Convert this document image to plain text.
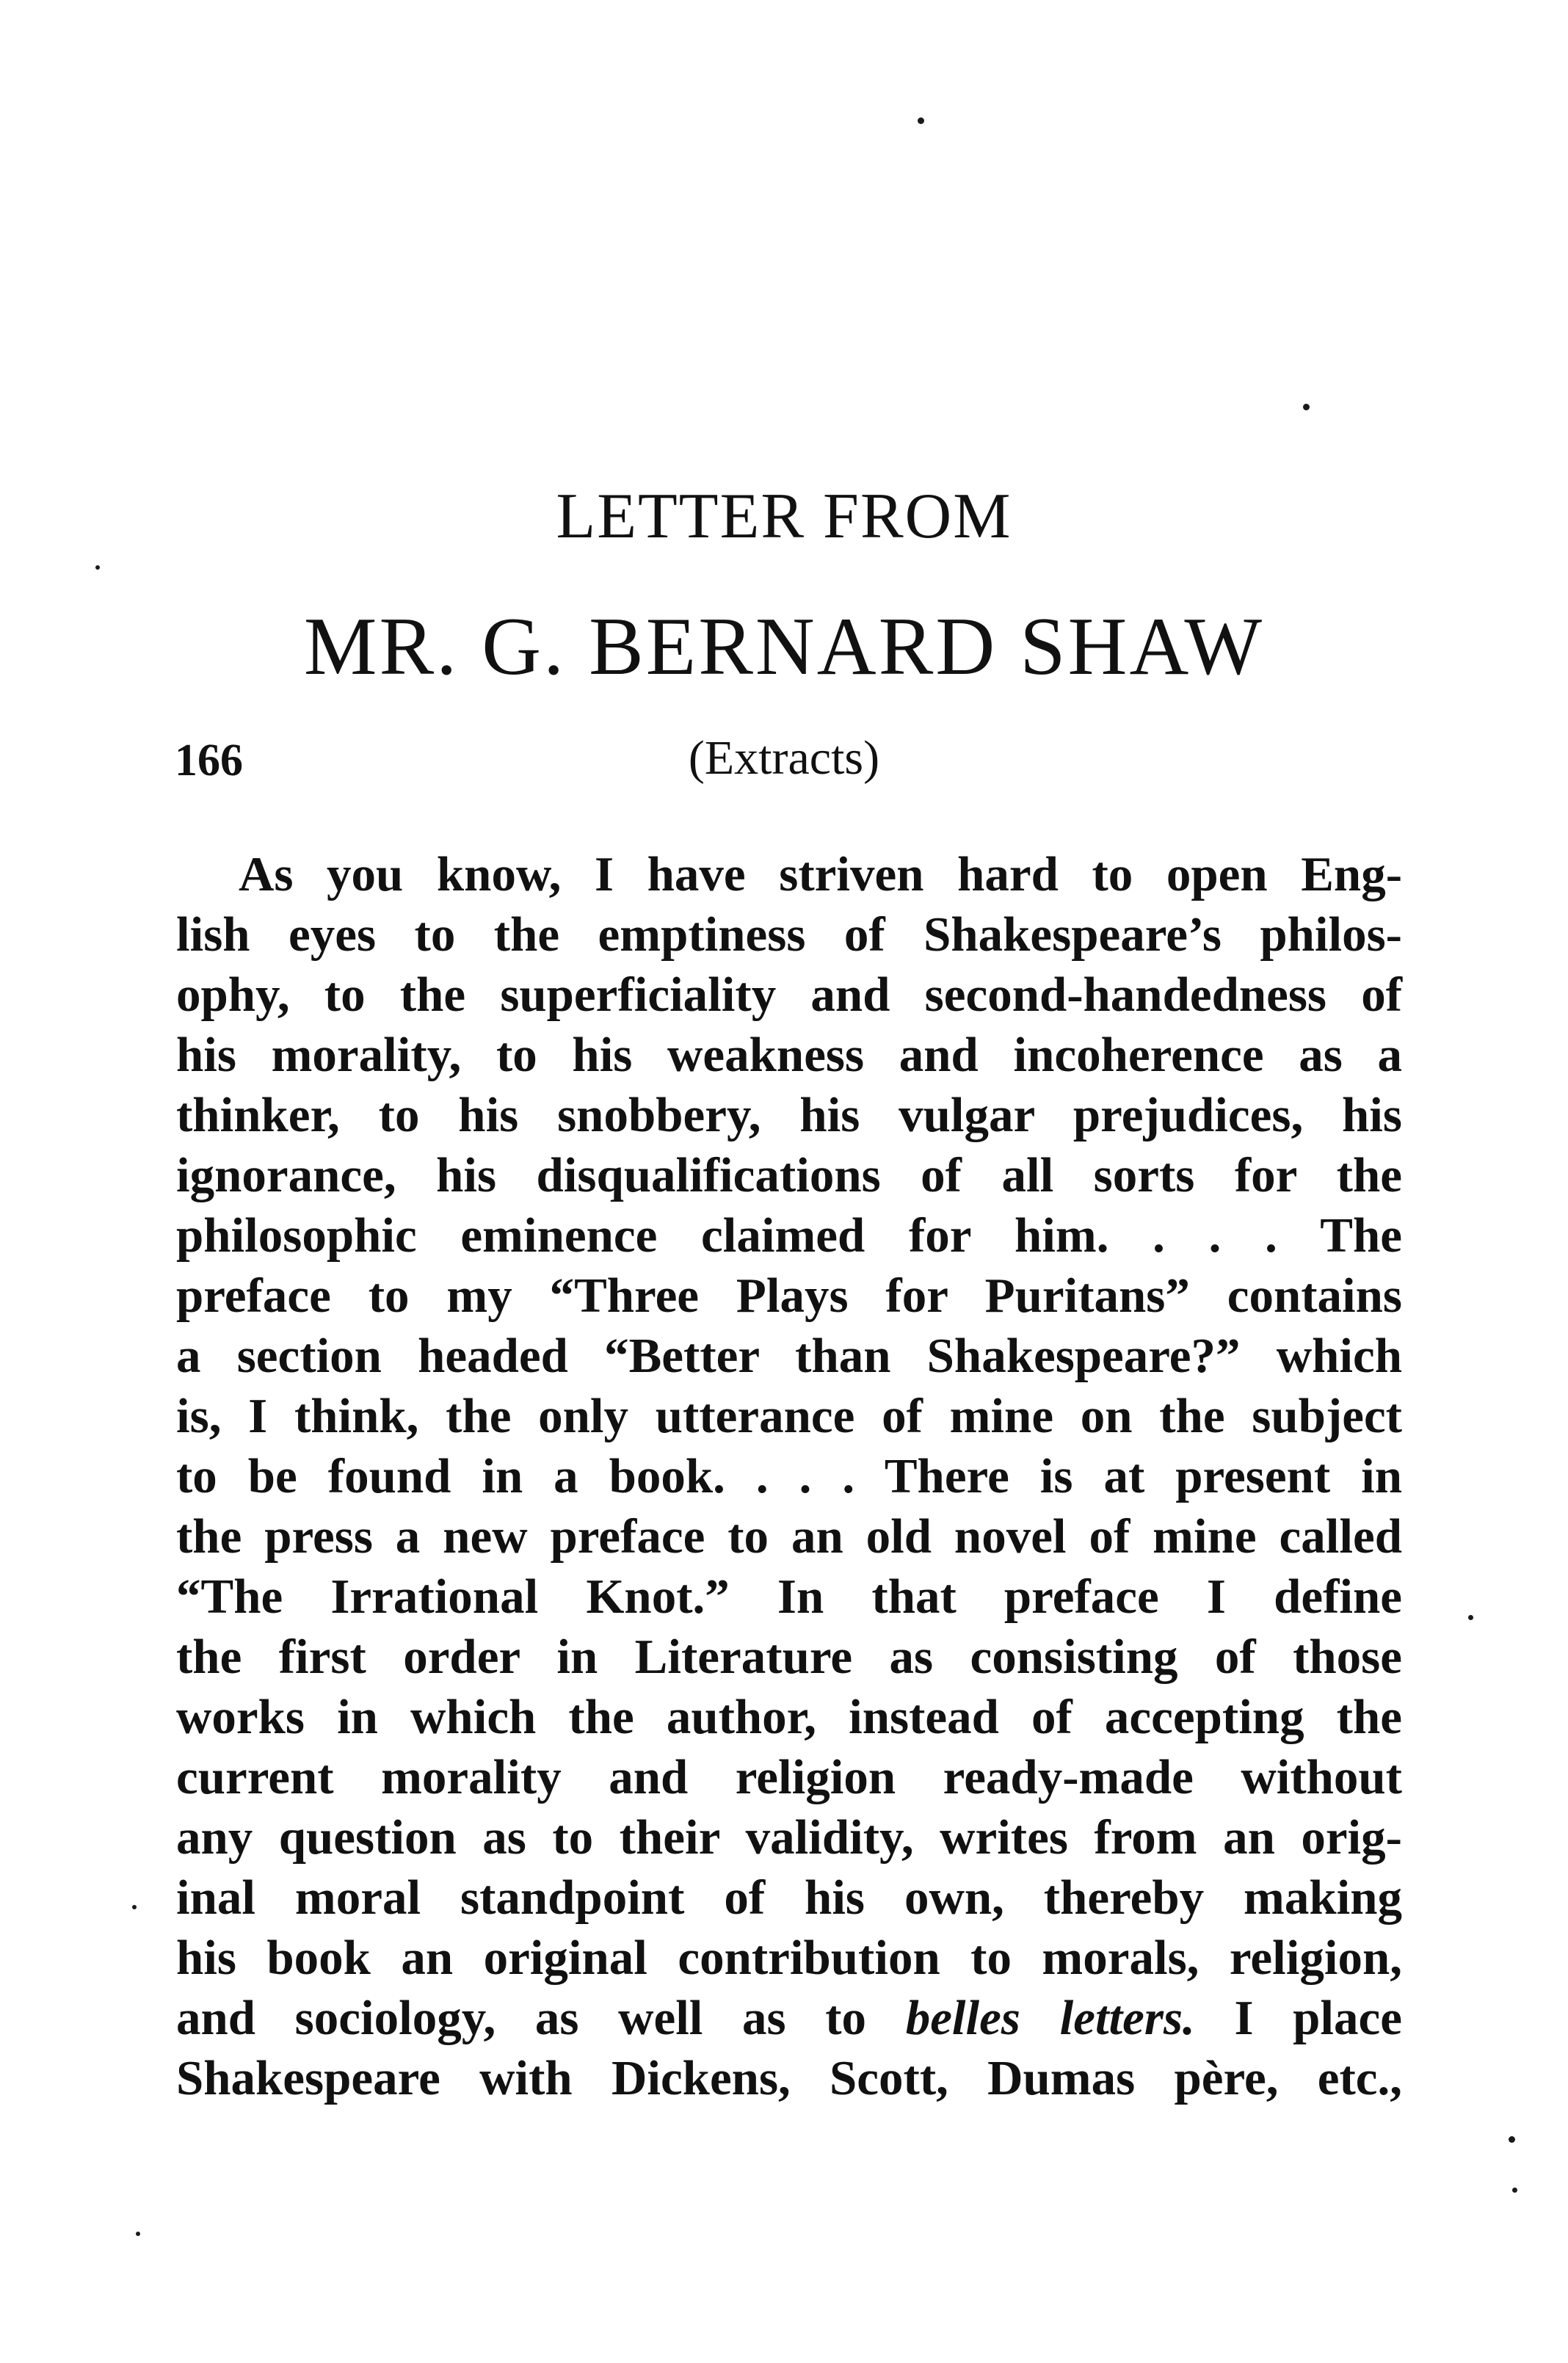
LETTER FROM
MR. G. BERNARD SHAW
166	(Extracts)
As you know, I have striven hard to open Eng-
lish eyes to the emptiness of Shakespeare’s philos-
ophy, to the superficiality and second-handedness of
his morality, to his weakness and incoherence as a
thinker, to his snobbery, his vulgar prejudices, his
ignorance, his disqualifications of all sorts for the
philosophic eminence claimed for him. . . . The
preface to my “Three Plays for Puritans” contains
a section headed “Better than Shakespeare?” which
is, I think, the only utterance of mine on the subject
to be found in a book. . . . There is at present in
the press a new preface to an old novel of mine called
“The Irrational Knot.” In that preface I define
the first order in Literature as consisting of those
works in which the author, instead of accepting the
current morality and religion ready-made without
any question as to their validity, writes from an orig-
inal moral standpoint of his own, thereby making
his book an original contribution to morals, religion,
and sociology, as well as to belles letters. I place
Shakespeare with Dickens, Scott, Dumas père, etc.,
